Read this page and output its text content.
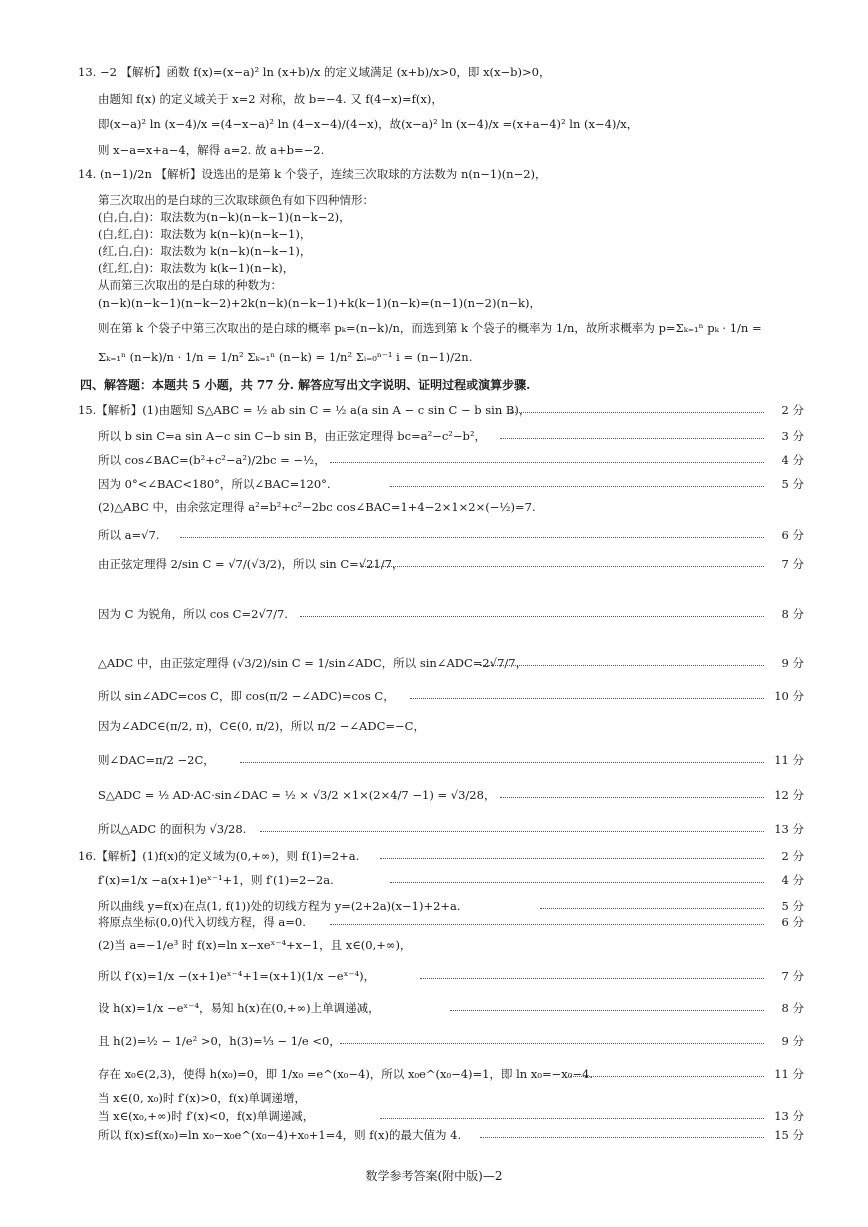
13. −2 【解析】函数 f(x)=(x−a)² ln (x+b)/x 的定义域满足 (x+b)/x>0，即 x(x−b)>0，
由题知 f(x) 的定义域关于 x=2 对称，故 b=−4. 又 f(4−x)=f(x)，
即(x−a)² ln (x−4)/x =(4−x−a)² ln (4−x−4)/(4−x)，故(x−a)² ln (x−4)/x =(x+a−4)² ln (x−4)/x，
则 x−a=x+a−4，解得 a=2. 故 a+b=−2.
14. (n−1)/2n 【解析】设选出的是第 k 个袋子，连续三次取球的方法数为 n(n−1)(n−2)，
第三次取出的是白球的三次取球颜色有如下四种情形：
(白,白,白)：取法数为(n−k)(n−k−1)(n−k−2)，
(白,红,白)：取法数为 k(n−k)(n−k−1)，
(红,白,白)：取法数为 k(n−k)(n−k−1)，
(红,红,白)：取法数为 k(k−1)(n−k)，
从而第三次取出的是白球的种数为：
(n−k)(n−k−1)(n−k−2)+2k(n−k)(n−k−1)+k(k−1)(n−k)=(n−1)(n−2)(n−k)，
则在第 k 个袋子中第三次取出的是白球的概率 pₖ=(n−k)/n，而选到第 k 个袋子的概率为 1/n，故所求概率为 p=Σₖ₌₁ⁿ pₖ · 1/n =
Σₖ₌₁ⁿ (n−k)/n · 1/n = 1/n² Σₖ₌₁ⁿ (n−k) = 1/n² Σᵢ₌₀ⁿ⁻¹ i = (n−1)/2n.
15.【解析】(1)由题知 S△ABC = ½ ab sin C = ½ a(a sin A − c sin C − b sin B)，
所以 b sin C=a sin A−c sin C−b sin B，由正弦定理得 bc=a²−c²−b²，
所以 cos∠BAC=(b²+c²−a²)/2bc = −½，
因为 0°<∠BAC<180°，所以∠BAC=120°.
(2)△ABC 中，由余弦定理得 a²=b²+c²−2bc cos∠BAC=1+4−2×1×2×(−½)=7.
所以 a=√7.
由正弦定理得 2/sin C = √7/(√3/2)，所以 sin C=√21/7，
因为 C 为锐角，所以 cos C=2√7/7.
△ADC 中，由正弦定理得 (√3/2)/sin C = 1/sin∠ADC，所以 sin∠ADC=2√7/7，
所以 sin∠ADC=cos C，即 cos(π/2 −∠ADC)=cos C，
因为∠ADC∈(π/2, π)，C∈(0, π/2)，所以 π/2 −∠ADC=−C，
则∠DAC=π/2 −2C，
S△ADC = ½ AD·AC·sin∠DAC = ½ × √3/2 ×1×(2×4/7 −1) = √3/28，
所以△ADC 的面积为 √3/28.
16.【解析】(1)f(x)的定义域为(0,+∞)，则 f(1)=2+a.
f′(x)=1/x −a(x+1)eˣ⁻¹+1，则 f′(1)=2−2a.
所以曲线 y=f(x)在点(1, f(1))处的切线方程为 y=(2+2a)(x−1)+2+a.
将原点坐标(0,0)代入切线方程，得 a=0.
(2)当 a=−1/e³ 时 f(x)=ln x−xeˣ⁻⁴+x−1，且 x∈(0,+∞)，
所以 f′(x)=1/x −(x+1)eˣ⁻⁴+1=(x+1)(1/x −eˣ⁻⁴)，
设 h(x)=1/x −eˣ⁻⁴，易知 h(x)在(0,+∞)上单调递减，
且 h(2)=½ − 1/e² >0，h(3)=⅓ − 1/e <0，
存在 x₀∈(2,3)，使得 h(x₀)=0，即 1/x₀ =e^(x₀−4)，所以 x₀e^(x₀−4)=1，即 ln x₀=−x₀−4.
当 x∈(0, x₀)时 f′(x)>0，f(x)单调递增，
当 x∈(x₀,+∞)时 f′(x)<0，f(x)单调递减，
所以 f(x)≤f(x₀)=ln x₀−x₀e^(x₀−4)+x₀+1=4，则 f(x)的最大值为 4.
2 分
3 分
4 分
5 分
6 分
7 分
8 分
9 分
10 分
11 分
12 分
13 分
2 分
4 分
5 分
6 分
7 分
8 分
9 分
11 分
13 分
15 分
四、解答题：本题共 5 小题，共 77 分. 解答应写出文字说明、证明过程或演算步骤.
数学参考答案(附中版)—2
